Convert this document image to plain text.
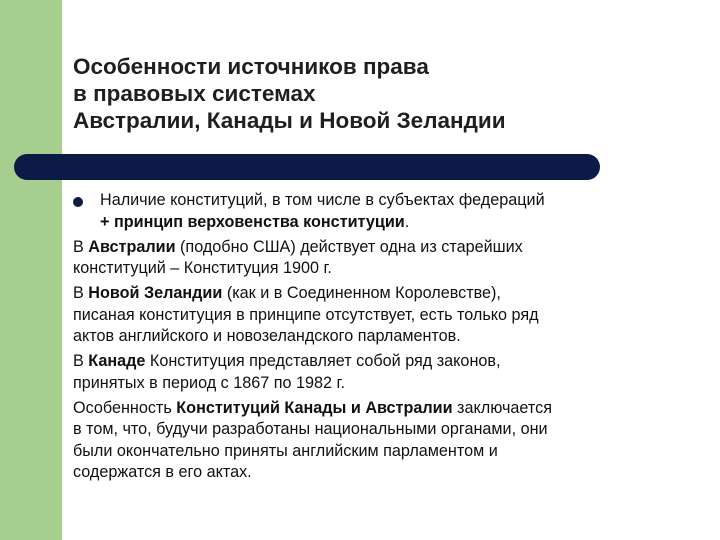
Особенности источников права
в правовых системах
Австралии, Канады и Новой Зеландии

Наличие конституций, в том числе в субъектах федераций
+ принцип верховенства конституции.

В Австралии (подобно США) действует одна из старейших
конституций – Конституция 1900 г.

В Новой Зеландии (как и в Соединенном Королевстве),
писаная конституция в принципе отсутствует, есть только ряд
актов английского и новозеландского парламентов.

В Канаде Конституция представляет собой ряд законов,
принятых в период с 1867 по 1982 г.

Особенность Конституций Канады и Австралии заключается
в том, что, будучи разработаны национальными органами, они
были окончательно приняты английским парламентом и
содержатся в его актах.
